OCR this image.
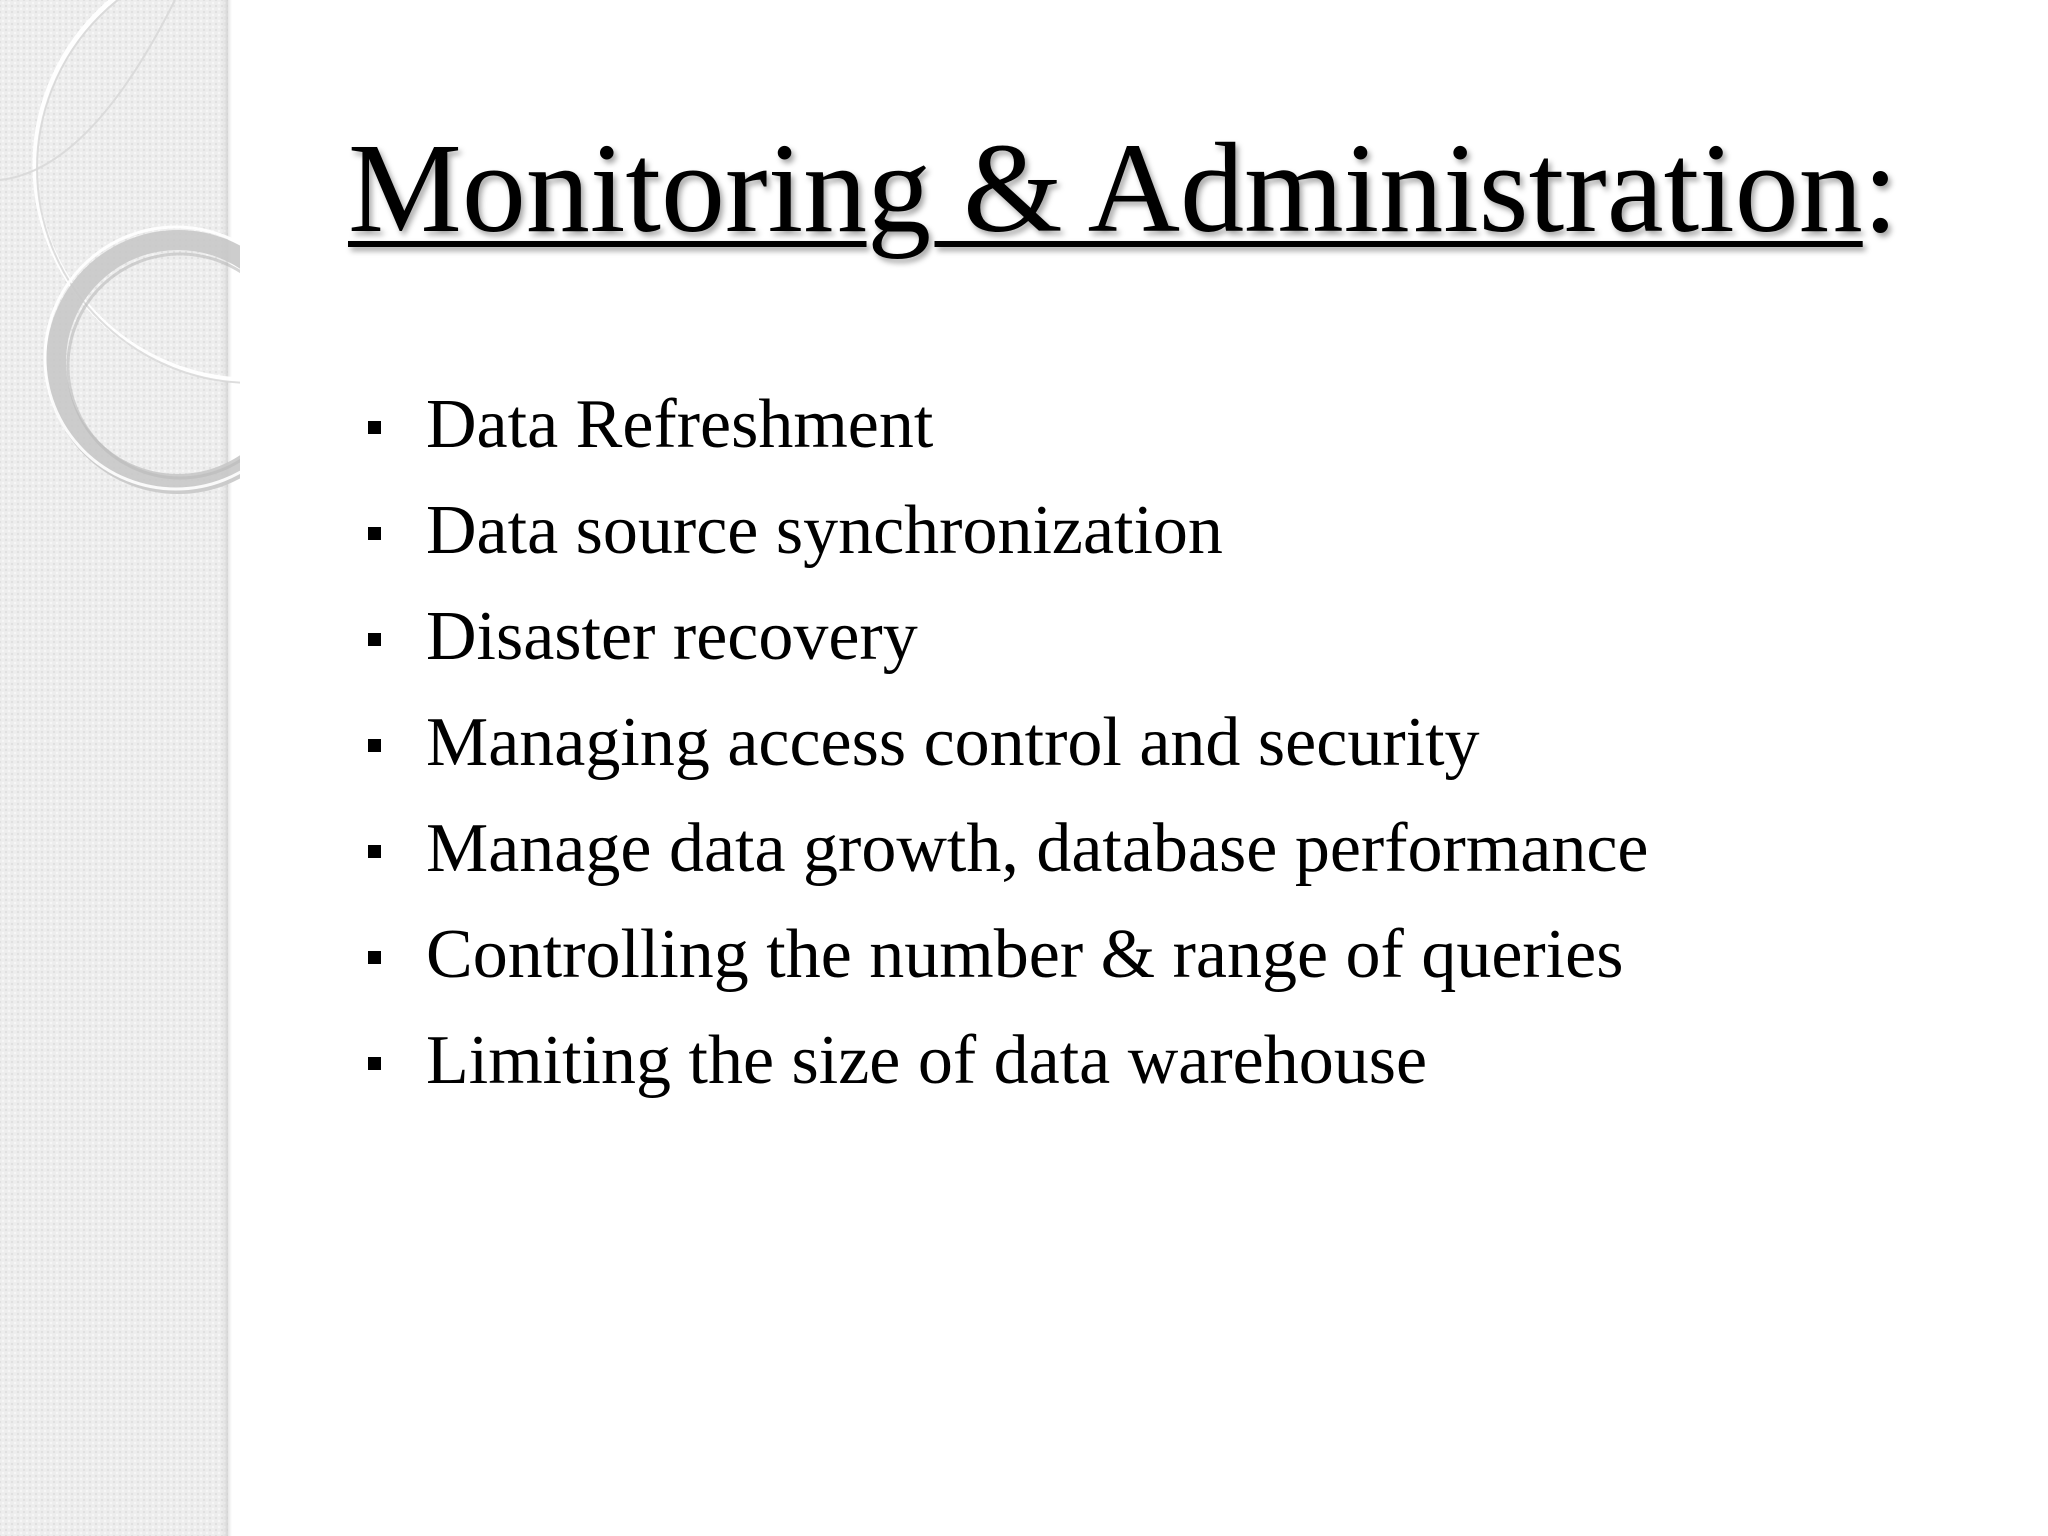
Monitoring & Administration:
Data Refreshment
Data source synchronization
Disaster recovery
Managing access control and security
Manage data growth, database performance
Controlling the number & range of queries
Limiting the size of data warehouse
